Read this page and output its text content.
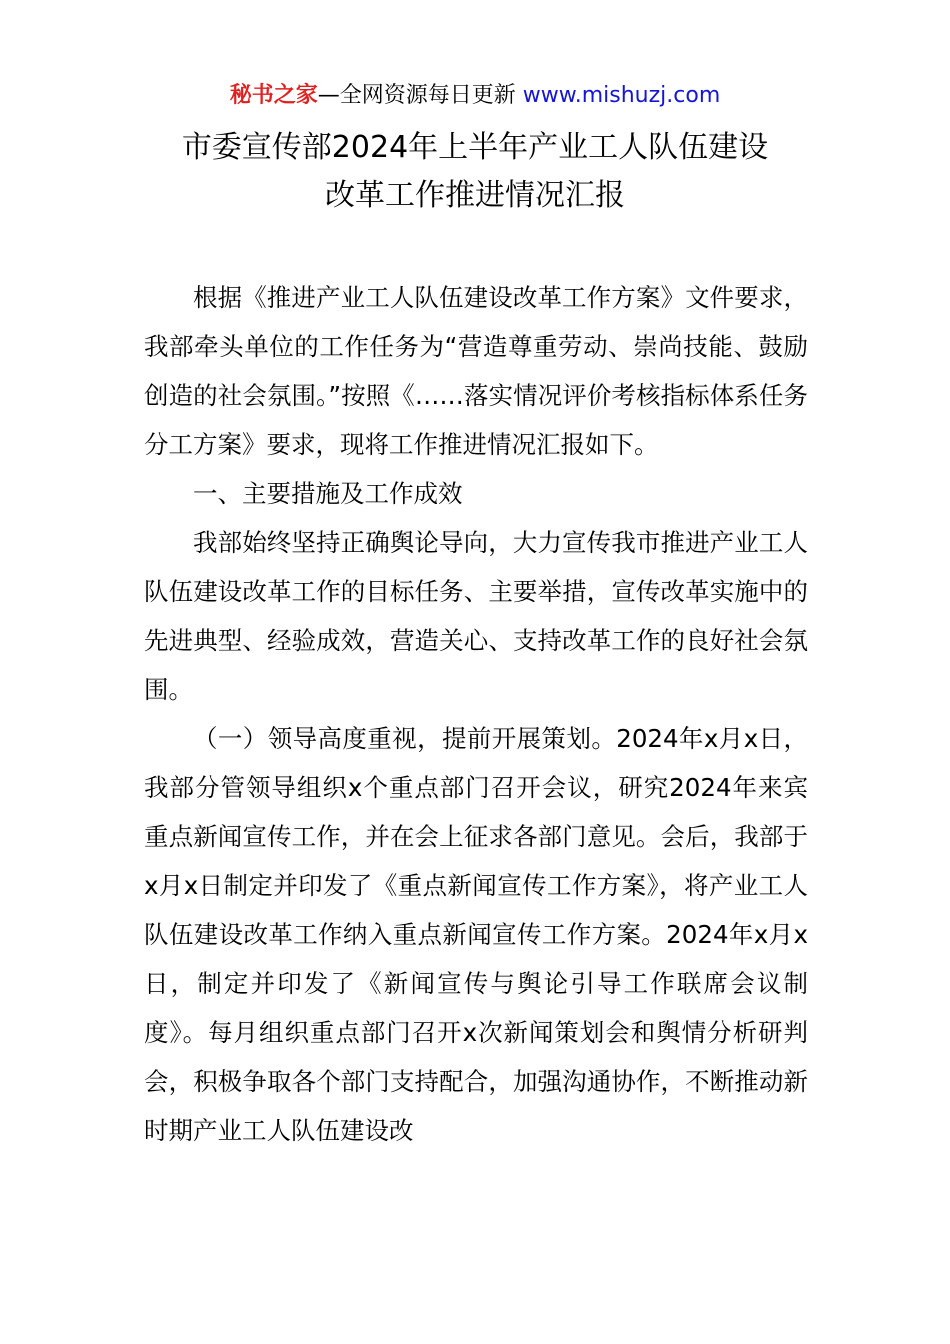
秘书之家—全网资源每日更新 www.mishuzj.com
市委宣传部2024年上半年产业工人队伍建设
改革工作推进情况汇报

根据《推进产业工人队伍建设改革工作方案》文件要求，我部牵头单位的工作任务为“营造尊重劳动、崇尚技能、鼓励创造的社会氛围。”按照《……落实情况评价考核指标体系任务分工方案》要求，现将工作推进情况汇报如下。

一、主要措施及工作成效

我部始终坚持正确舆论导向，大力宣传我市推进产业工人队伍建设改革工作的目标任务、主要举措，宣传改革实施中的先进典型、经验成效，营造关心、支持改革工作的良好社会氛围。

（一）领导高度重视，提前开展策划。2024年x月x日，我部分管领导组织x个重点部门召开会议，研究2024年来宾重点新闻宣传工作，并在会上征求各部门意见。会后，我部于x月x日制定并印发了《重点新闻宣传工作方案》，将产业工人队伍建设改革工作纳入重点新闻宣传工作方案。2024年x月x日，制定并印发了《新闻宣传与舆论引导工作联席会议制度》。每月组织重点部门召开x次新闻策划会和舆情分析研判会，积极争取各个部门支持配合，加强沟通协作，不断推动新时期产业工人队伍建设改
